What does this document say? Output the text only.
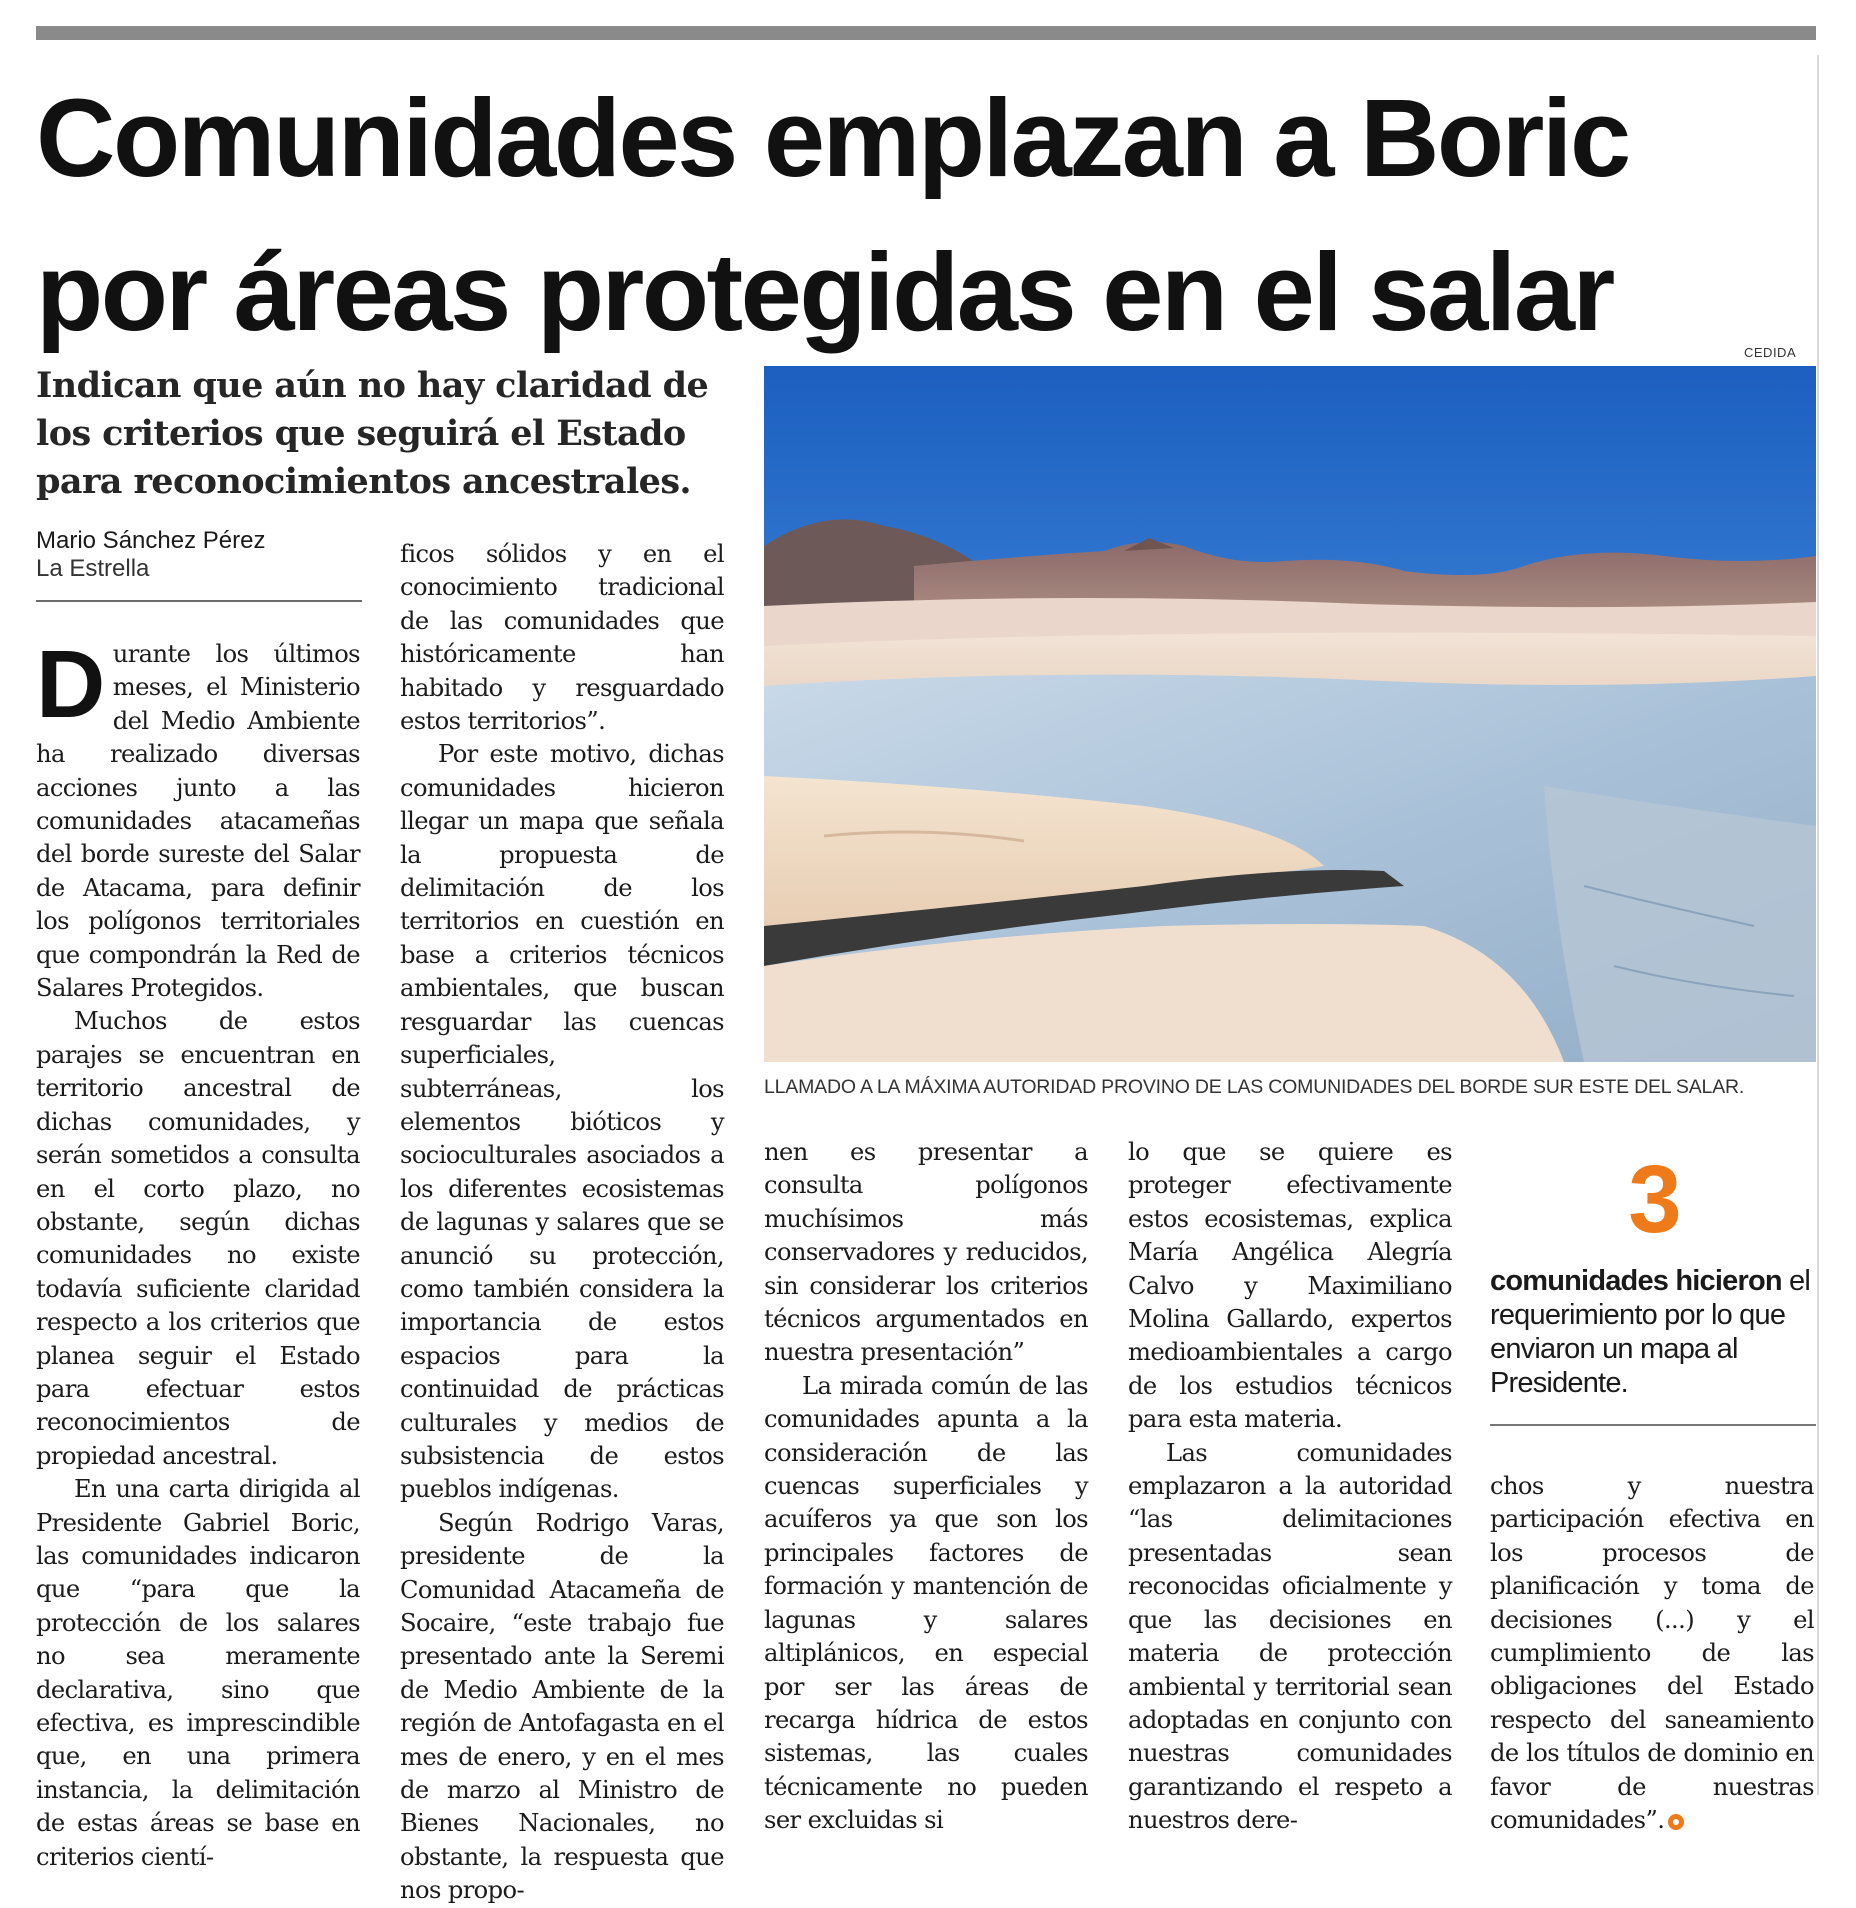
Comunidades emplazan a Boric
por áreas protegidas en el salar
Indican que aún no hay claridad de los criterios que seguirá el Estado para reconocimientos ancestrales.
Mario Sánchez Pérez
La Estrella

Durante los últimos meses, el Ministerio del Medio Ambiente ha realizado diversas acciones junto a las comunidades atacameñas del borde sureste del Salar de Atacama, para definir los polígonos territoriales que compondrán la Red de Salares Protegidos.

Muchos de estos parajes se encuentran en territorio ancestral de dichas comunidades, y serán sometidos a consulta en el corto plazo, no obstante, según dichas comunidades no existe todavía suficiente claridad respecto a los criterios que planea seguir el Estado para efectuar estos reconocimientos de propiedad ancestral.

En una carta dirigida al Presidente Gabriel Boric, las comunidades indicaron que “para que la protección de los salares no sea meramente declarativa, sino que efectiva, es imprescindible que, en una primera instancia, la delimitación de estas áreas se base en criterios cientí-

ficos sólidos y en el conocimiento tradicional de las comunidades que históricamente han habitado y resguardado estos territorios”.

Por este motivo, dichas comunidades hicieron llegar un mapa que señala la propuesta de delimitación de los territorios en cuestión en base a criterios técnicos ambientales, que buscan resguardar las cuencas superficiales, subterráneas, los elementos bióticos y socioculturales asociados a los diferentes ecosistemas de lagunas y salares que se anunció su protección, como también considera la importancia de estos espacios para la continuidad de prácticas culturales y medios de subsistencia de estos pueblos indígenas.

Según Rodrigo Varas, presidente de la Comunidad Atacameña de Socaire, “este trabajo fue presentado ante la Seremi de Medio Ambiente de la región de Antofagasta en el mes de enero, y en el mes de marzo al Ministro de Bienes Nacionales, no obstante, la respuesta que nos propo-

CEDIDA
LLAMADO A LA MÁXIMA AUTORIDAD PROVINO DE LAS COMUNIDADES DEL BORDE SUR ESTE DEL SALAR.

nen es presentar a consulta polígonos muchísimos más conservadores y reducidos, sin considerar los criterios técnicos argumentados en nuestra presentación”

La mirada común de las comunidades apunta a la consideración de las cuencas superficiales y acuíferos ya que son los principales factores de formación y mantención de lagunas y salares altiplánicos, en especial por ser las áreas de recarga hídrica de estos sistemas, las cuales técnicamente no pueden ser excluidas si

lo que se quiere es proteger efectivamente estos ecosistemas, explica María Angélica Alegría Calvo y Maximiliano Molina Gallardo, expertos medioambientales a cargo de los estudios técnicos para esta materia.

Las comunidades emplazaron a la autoridad “las delimitaciones presentadas sean reconocidas oficialmente y que las decisiones en materia de protección ambiental y territorial sean adoptadas en conjunto con nuestras comunidades garantizando el respeto a nuestros dere-

3
comunidades hicieron el requerimiento por lo que enviaron un mapa al Presidente.

chos y nuestra participación efectiva en los procesos de planificación y toma de decisiones (...) y el cumplimiento de las obligaciones del Estado respecto del saneamiento de los títulos de dominio en favor de nuestras comunidades”.
